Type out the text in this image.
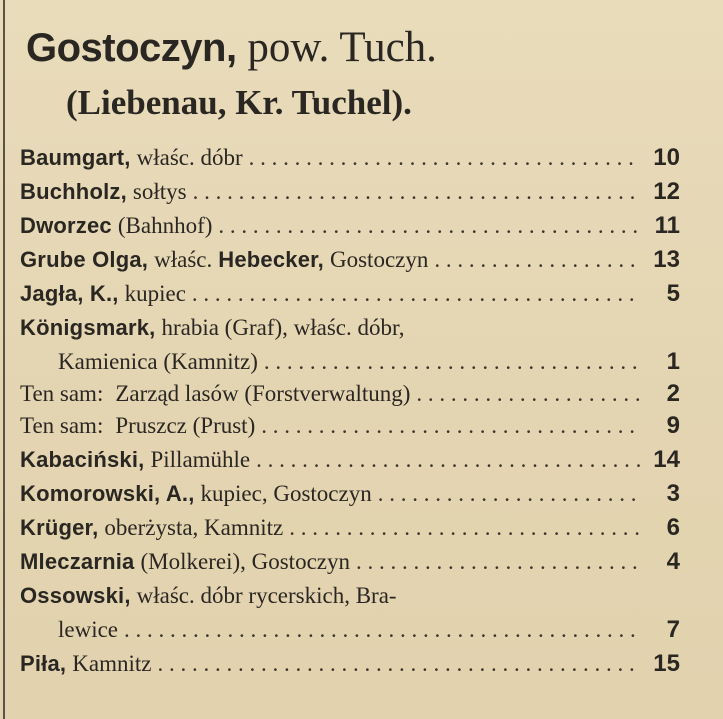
Gostoczyn, pow. Tuch.
(Liebenau, Kr. Tuchel).
Baumgart, właśc. dóbr . . .	10
Buchholz, sołtys . . .	12
Dworzec (Bahnhof) . . .	11
Grube Olga, właśc. Hebecker, Gostoczyn . . .	13
Jagła, K., kupiec . . .	5
Königsmark, hrabia (Graf), właśc. dóbr,
Kamienica (Kamnitz) . . .	1
Ten sam: Zarząd lasów (Forstverwaltung) . . .	2
Ten sam: Pruszcz (Prust) . . .	9
Kabaciński, Pillamühle . . .	14
Komorowski, A., kupiec, Gostoczyn . . .	3
Krüger, oberżysta, Kamnitz . . .	6
Mleczarnia (Molkerei), Gostoczyn . . .	4
Ossowski, właśc. dóbr rycerskich, Bra-
lewice . . .	7
Piła, Kamnitz . . .	15
